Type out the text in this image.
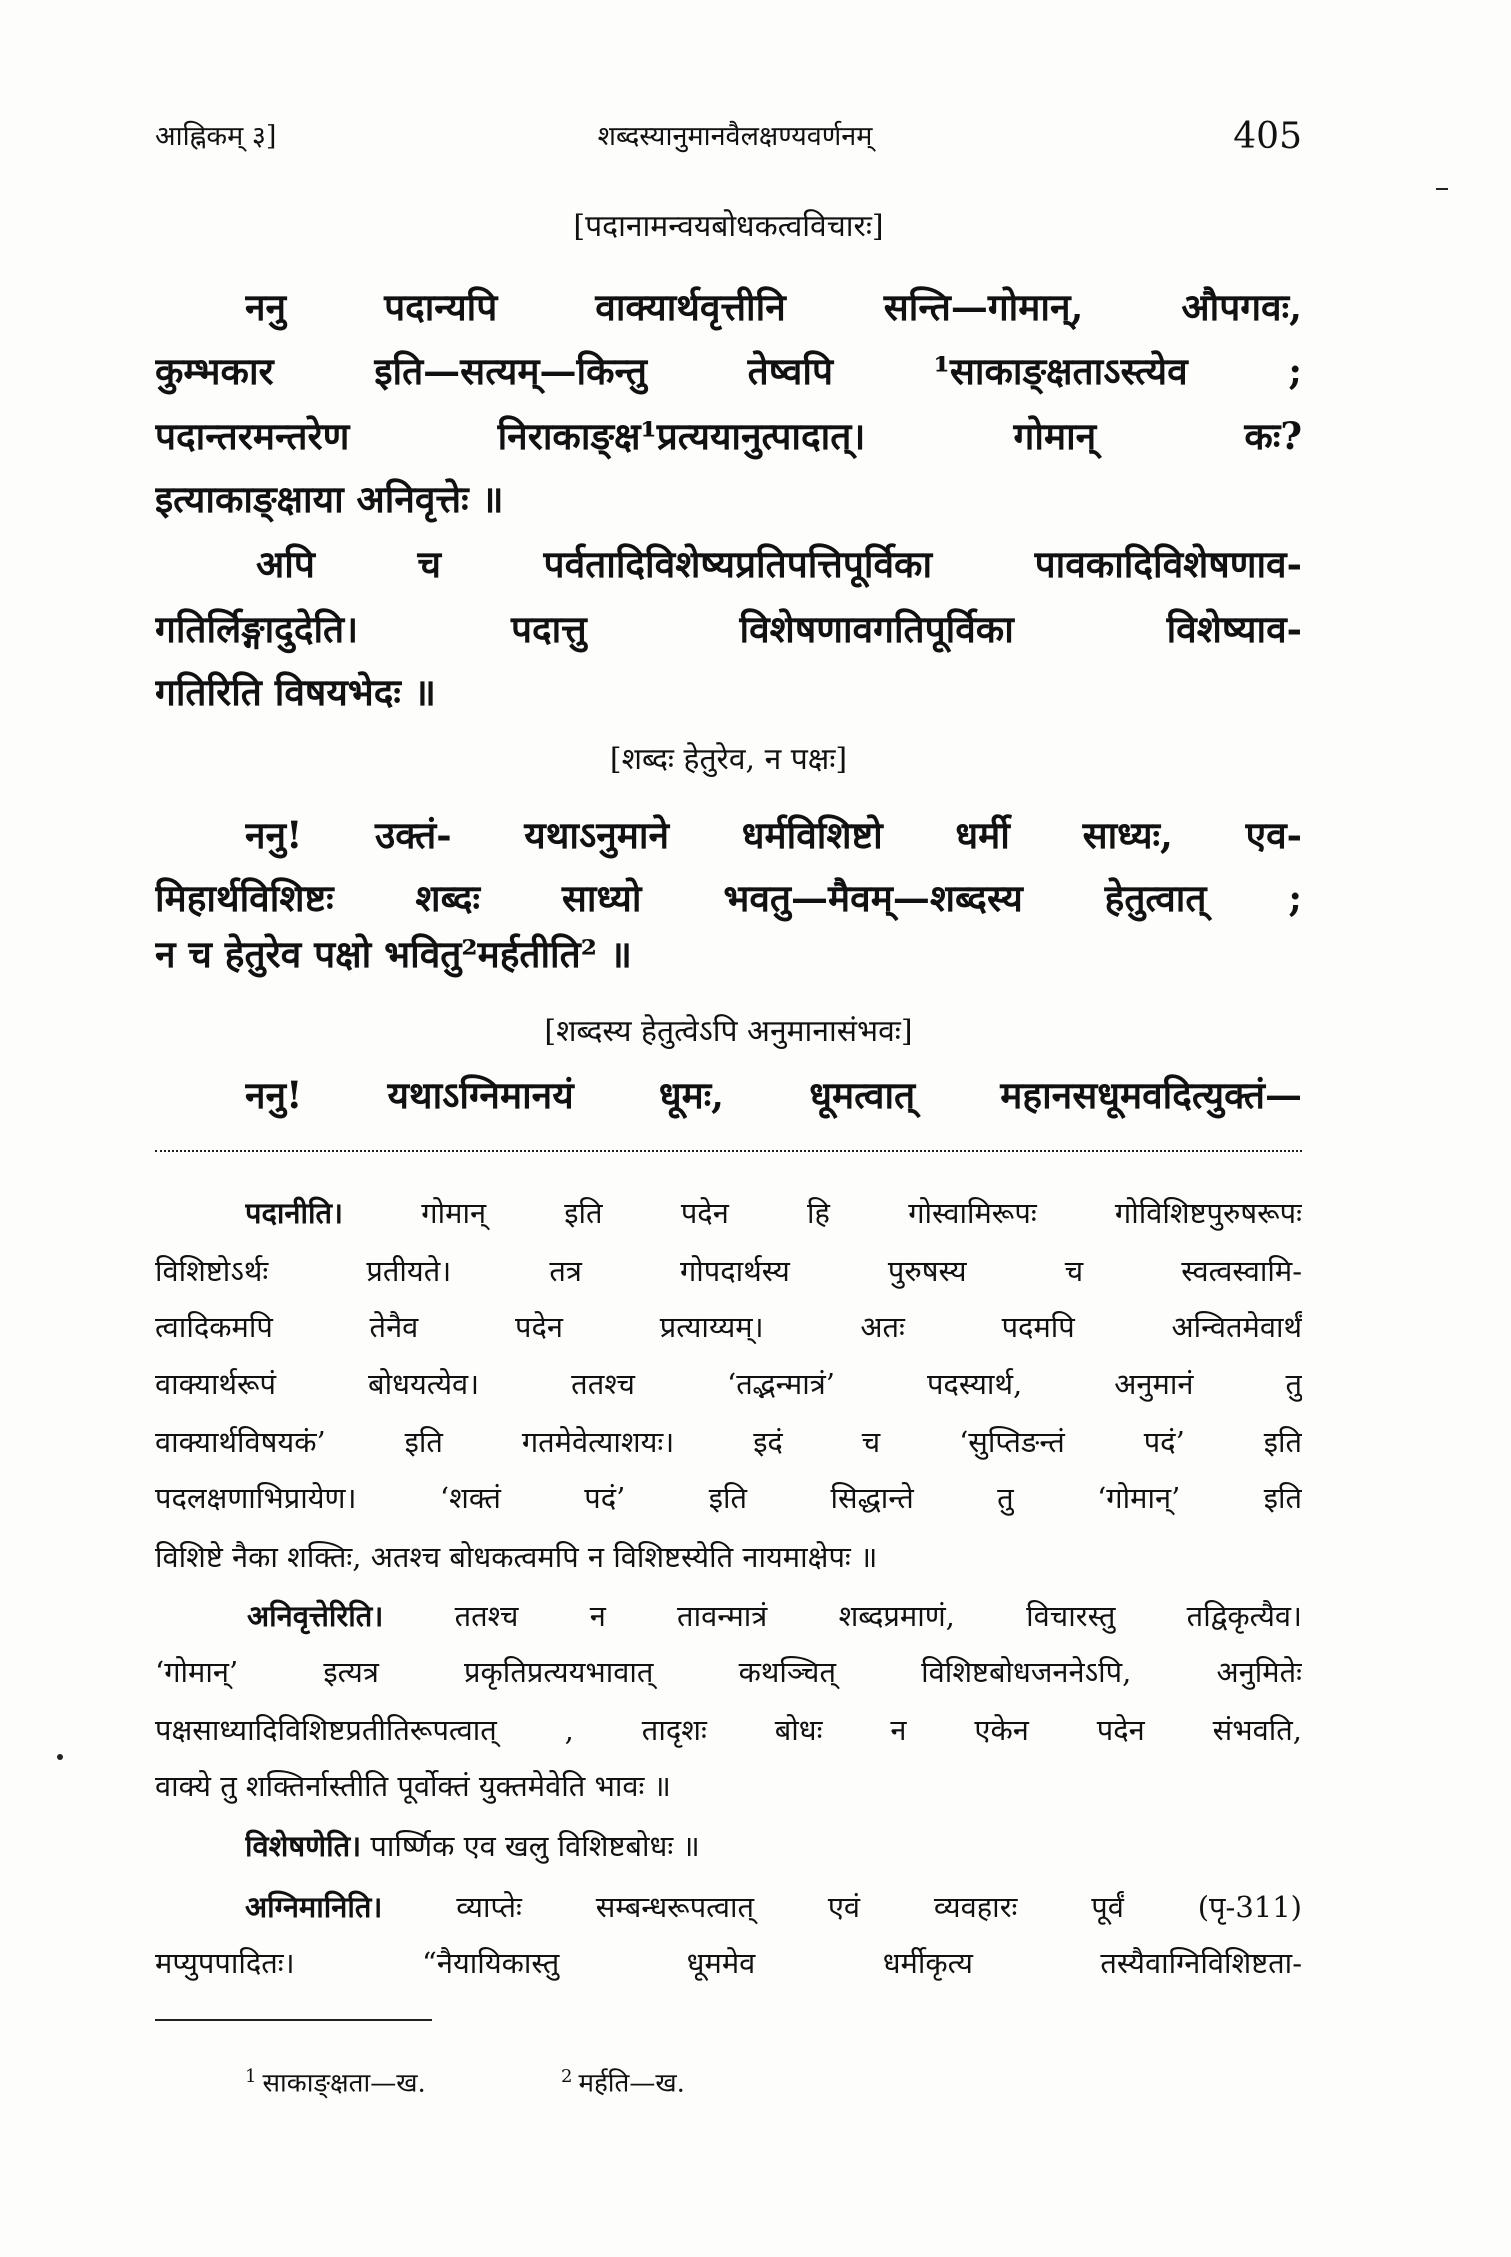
आह्निकम् ३]	शब्दस्यानुमानवैलक्षण्यवर्णनम्	405
[पदानामन्वयबोधकत्वविचारः]
ननु पदान्यपि वाक्यार्थवृत्तीनि सन्ति—गोमान्, औपगवः,
कुम्भकार इति—सत्यम्—किन्तु तेष्वपि ¹साकाङ्क्षताऽस्त्येव ;
पदान्तरमन्तरेण निराकाङ्क्ष¹प्रत्ययानुत्पादात्। गोमान् कः?
इत्याकाङ्क्षाया अनिवृत्तेः ॥
अपि च पर्वतादिविशेष्यप्रतिपत्तिपूर्विका पावकादिविशेषणाव-
गतिर्लिङ्गादुदेति। पदात्तु विशेषणावगतिपूर्विका विशेष्याव-
गतिरिति विषयभेदः ॥
[शब्दः हेतुरेव, न पक्षः]
ननु! उक्तं- यथाऽनुमाने धर्मविशिष्टो धर्मी साध्यः, एव-
मिहार्थविशिष्टः शब्दः साध्यो भवतु—मैवम्—शब्दस्य हेतुत्वात् ;
न च हेतुरेव पक्षो भवितु²मर्हतीति² ॥
[शब्दस्य हेतुत्वेऽपि अनुमानासंभवः]
ननु! यथाऽग्निमानयं धूमः, धूमत्वात् महानसधूमवदित्युक्तं—
पदानीति।	गोमान् इति पदेन हि गोस्वामिरूपः गोविशिष्टपुरुषरूपः
विशिष्टोऽर्थः प्रतीयते। तत्र गोपदार्थस्य पुरुषस्य च स्वत्वस्वामि-
त्वादिकमपि तेनैव पदेन प्रत्याय्यम्। अतः पदमपि अन्वितमेवार्थं
वाक्यार्थरूपं बोधयत्येव। ततश्च ‘तद्भन्मात्रं’ पदस्यार्थ, अनुमानं तु
वाक्यार्थविषयकं’ इति गतमेवेत्याशयः। इदं च ‘सुप्तिङन्तं पदं’ इति
पदलक्षणाभिप्रायेण। ‘शक्तं पदं’ इति सिद्धान्ते तु ‘गोमान्’ इति
विशिष्टे नैका शक्तिः, अतश्च बोधकत्वमपि न विशिष्टस्येति नायमाक्षेपः ॥
अनिवृत्तेरिति। ततश्च न तावन्मात्रं शब्दप्रमाणं, विचारस्तु तद्विकृत्यैव।
‘गोमान्’ इत्यत्र प्रकृतिप्रत्ययभावात् कथञ्चित् विशिष्टबोधजननेऽपि, अनुमितेः
पक्षसाध्यादिविशिष्टप्रतीतिरूपत्वात् , तादृशः बोधः न एकेन पदेन संभवति,
वाक्ये तु शक्तिर्नास्तीति पूर्वोक्तं युक्तमेवेति भावः ॥
विशेषणेति। पार्ष्णिक एव खलु विशिष्टबोधः ॥
अग्निमानिति।	व्याप्तेः सम्बन्धरूपत्वात् एवं व्यवहारः पूर्वं (पृ-311)
मप्युपपादितः। “नैयायिकास्तु धूममेव धर्मीकृत्य तस्यैवाग्निविशिष्टता-
$^1$ साकाङ्क्षता—ख.	$^2$ मर्हति—ख.
